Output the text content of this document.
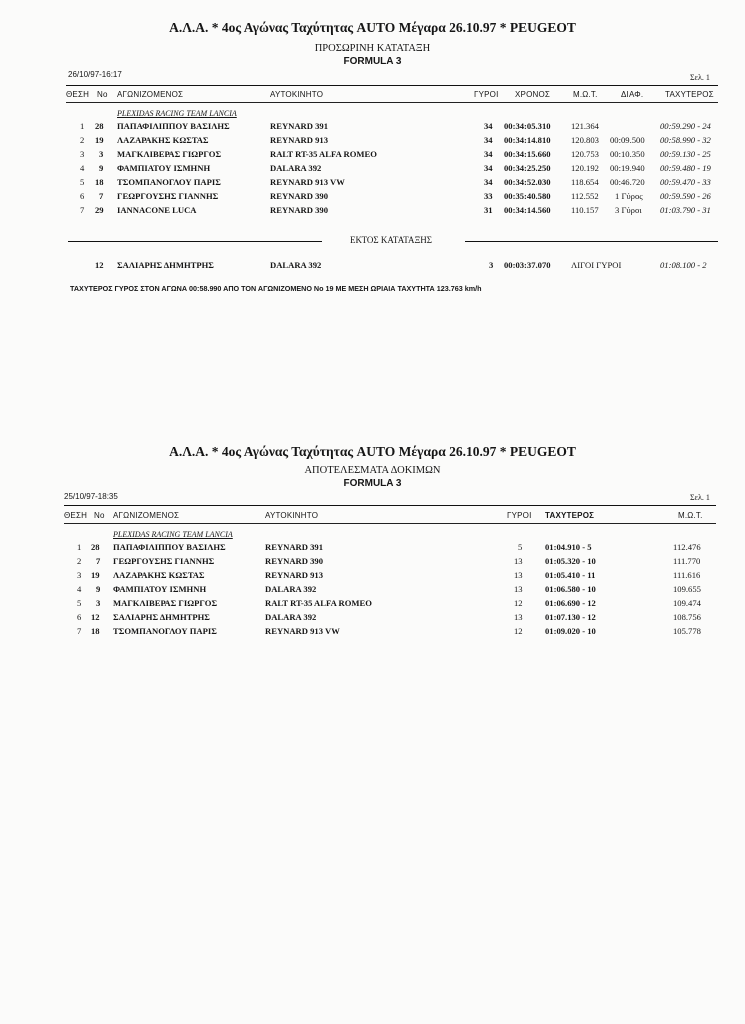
Α.Λ.Α. * 4ος Αγώνας Ταχύτητας AUTO Μέγαρα 26.10.97 * PEUGEOT
ΠΡΟΣΩΡΙΝΗ ΚΑΤΑΤΑΞΗ
FORMULA 3
26/10/97-16:17	Σελ. 1
ΘΕΣΗ No ΑΓΩΝΙΖΟΜΕΝΟΣ	ΑΥΤΟΚΙΝΗΤΟ	ΓΥΡΟΙ ΧΡΟΝΟΣ	Μ.Ω.Τ.	ΔΙΑΦ.	ΤΑΧΥΤΕΡΟΣ
PLEXIDAS RACING TEAM LANCIA
1 28 ΠΑΠΑΦΙΛΙΠΠΟΥ ΒΑΣΙΛΗΣ	REYNARD 391	34 00:34:05.310 121.364	00:59.290 - 24
2 19 ΛΑΖΑΡΑΚΗΣ ΚΩΣΤΑΣ	REYNARD 913	34 00:34:14.810 120.803 00:09.500 00:58.990 - 32
3 3 ΜΑΓΚΛΙΒΕΡΑΣ ΓΙΩΡΓΟΣ	RALT RT-35 ALFA ROMEO	34 00:34:15.660 120.753 00:10.350 00:59.130 - 25
4 9 ΦΑΜΠΙΑΤΟΥ ΙΣΜΗΝΗ	DALARA 392	34 00:34:25.250 120.192 00:19.940 00:59.480 - 19
5 18 ΤΣΟΜΠΑΝΟΓΛΟΥ ΠΑΡΙΣ	REYNARD 913 VW	34 00:34:52.030 118.654 00:46.720 00:59.470 - 33
6 7 ΓΕΩΡΓΟΥΣΗΣ ΓΙΑΝΝΗΣ	REYNARD 390	33 00:35:40.580 112.552 1 Γύρος 00:59.590 - 26
7 29 IANNACONE LUCA	REYNARD 390	31 00:34:14.560 110.157 3 Γύροι 01:03.790 - 31
ΕΚΤΟΣ ΚΑΤΑΤΑΞΗΣ
12 ΣΑΛΙΑΡΗΣ ΔΗΜΗΤΡΗΣ	DALARA 392	3 00:03:37.070 ΛΙΓΟΙ ΓΥΡΟΙ	01:08.100 - 2
ΤΑΧΥΤΕΡΟΣ ΓΥΡΟΣ ΣΤΟΝ ΑΓΩΝΑ 00:58.990 ΑΠΟ ΤΟΝ ΑΓΩΝΙΖΟΜΕΝΟ Νο 19 ΜΕ ΜΕΣΗ ΩΡΙΑΙΑ ΤΑΧΥΤΗΤΑ 123.763 km/h
Α.Λ.Α. * 4ος Αγώνας Ταχύτητας AUTO Μέγαρα 26.10.97 * PEUGEOT
ΑΠΟΤΕΛΕΣΜΑΤΑ ΔΟΚΙΜΩΝ
FORMULA 3
25/10/97-18:35	Σελ. 1
ΘΕΣΗ No ΑΓΩΝΙΖΟΜΕΝΟΣ	ΑΥΤΟΚΙΝΗΤΟ	ΓΥΡΟΙ ΤΑΧΥΤΕΡΟΣ	Μ.Ω.Τ.
PLEXIDAS RACING TEAM LANCIA
1 28 ΠΑΠΑΦΙΛΙΠΠΟΥ ΒΑΣΙΛΗΣ	REYNARD 391	5	01:04.910 - 5	112.476
2 7 ΓΕΩΡΓΟΥΣΗΣ ΓΙΑΝΝΗΣ	REYNARD 390	13	01:05.320 - 10	111.770
3 19 ΛΑΖΑΡΑΚΗΣ ΚΩΣΤΑΣ	REYNARD 913	13	01:05.410 - 11	111.616
4 9 ΦΑΜΠΙΑΤΟΥ ΙΣΜΗΝΗ	DALARA 392	13	01:06.580 - 10	109.655
5 3 ΜΑΓΚΛΙΒΕΡΑΣ ΓΙΩΡΓΟΣ	RALT RT-35 ALFA ROMEO	12	01:06.690 - 12	109.474
6 12 ΣΑΛΙΑΡΗΣ ΔΗΜΗΤΡΗΣ	DALARA 392	13	01:07.130 - 12	108.756
7 18 ΤΣΟΜΠΑΝΟΓΛΟΥ ΠΑΡΙΣ	REYNARD 913 VW	12	01:09.020 - 10	105.778
